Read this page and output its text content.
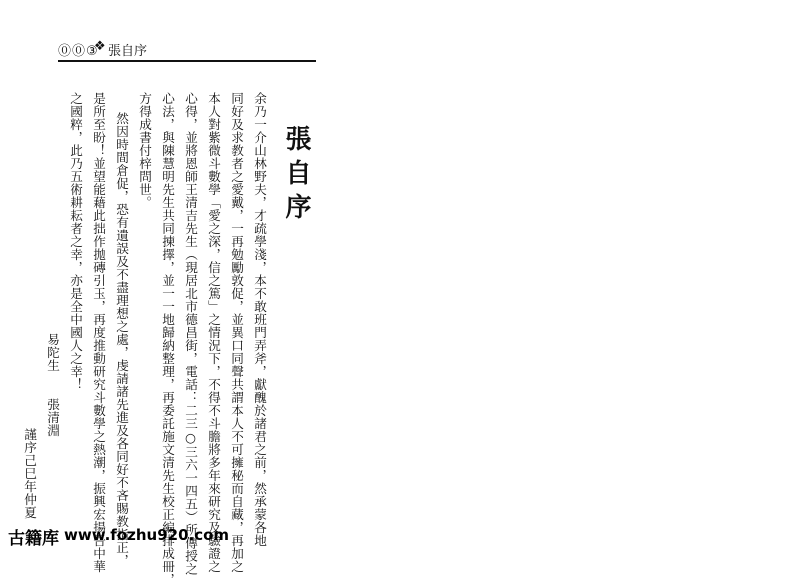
⓪⓪③
❖ 張自序
張自序
余乃一介山林野夫，才疏學淺，本不敢班門弄斧，獻醜於諸君之前，然承蒙各地
同好及求教者之愛戴，一再勉勵敦促，並異口同聲共謂本人不可擁秘而自藏，再加之
本人對紫微斗數學「愛之深，信之篤」之情況下，不得不斗膽將多年來研究及驗證之
心得，並將恩師王清吉先生（現居北市德昌街，電話：二三○三六一四五）所傳授之
心法，與陳慧明先生共同揀擇，並一一地歸納整理，再委託施文清先生校正編排成冊，
方得成書付梓問世。
然因時間倉促，恐有遺誤及不盡理想之處，虔請諸先進及各同好不吝賜教指正，
是所至盼！並望能藉此拙作拋磚引玉，再度推動研究斗數學之熱潮，振興宏揚吾中華
之國粹，此乃五術耕耘者之幸，亦是全中國人之幸！
易陀生　　張清淵
謹序己巳年仲夏
古籍库 www.fozhu920.com
